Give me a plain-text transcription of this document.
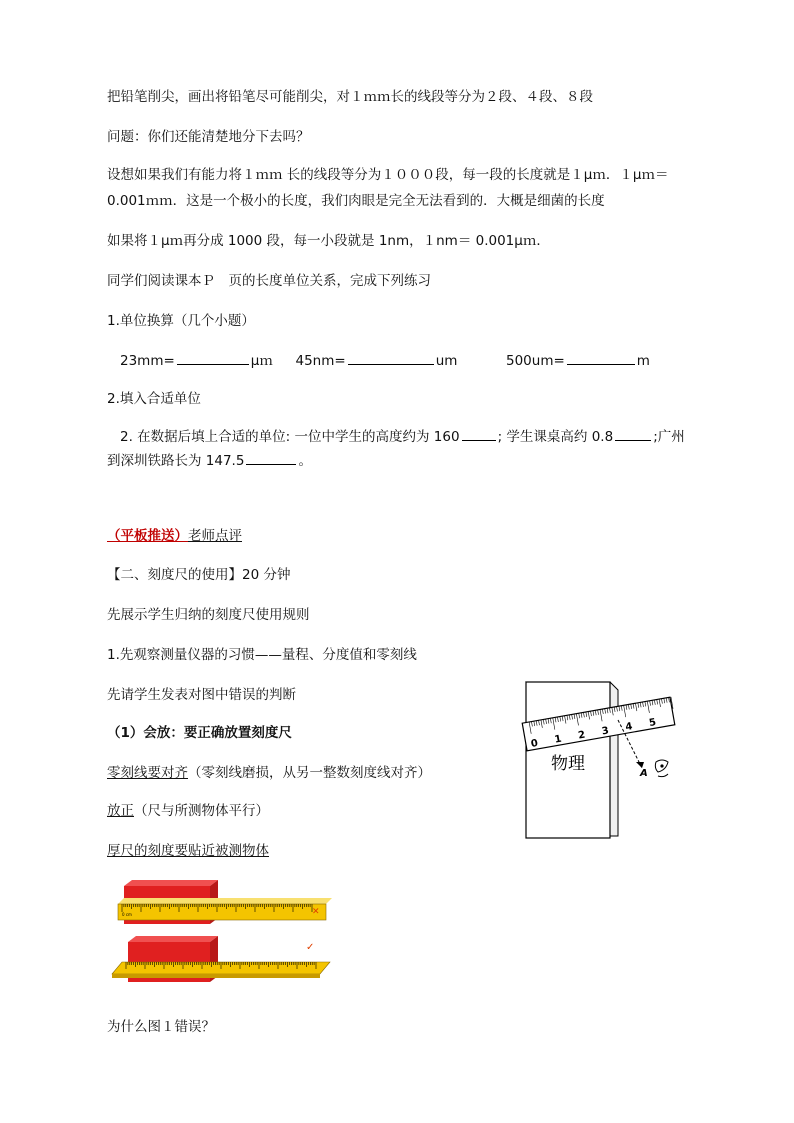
把铅笔削尖，画出将铅笔尽可能削尖，对１ｍｍ长的线段等分为２段、４段、８段
问题：你们还能清楚地分下去吗？
设想如果我们有能力将１ｍｍ 长的线段等分为１０００段，每一段的长度就是１μｍ．１μｍ＝
0.001ｍｍ．这是一个极小的长度，我们肉眼是完全无法看到的．大概是细菌的长度
如果将１μｍ再分成 1000 段，每一小段就是 1nm，１nm＝ 0.001μｍ．
同学们阅读课本Ｐ　页的长度单位关系，完成下列练习
1.单位换算（几个小题）
23mm=	μｍ 45nm=	um	500um=	m
2.填入合适单位
2. 在数据后填上合适的单位: 一位中学生的高度约为 160	; 学生课桌高约 0.8	;广州
到深圳铁路长为 147.5	。
（平板推送）老师点评
【二、刻度尺的使用】20 分钟
先展示学生归纳的刻度尺使用规则
1.先观察测量仪器的习惯——量程、分度值和零刻线
先请学生发表对图中错误的判断
（1）会放：要正确放置刻度尺
零刻线要对齐（零刻线磨损，从另一整数刻度线对齐）
放正（尺与所测物体平行）
厚尺的刻度要贴近被测物体
为什么图１错误？
物理
0 1 2 3 4 5
A
0 cm	✕
✓
